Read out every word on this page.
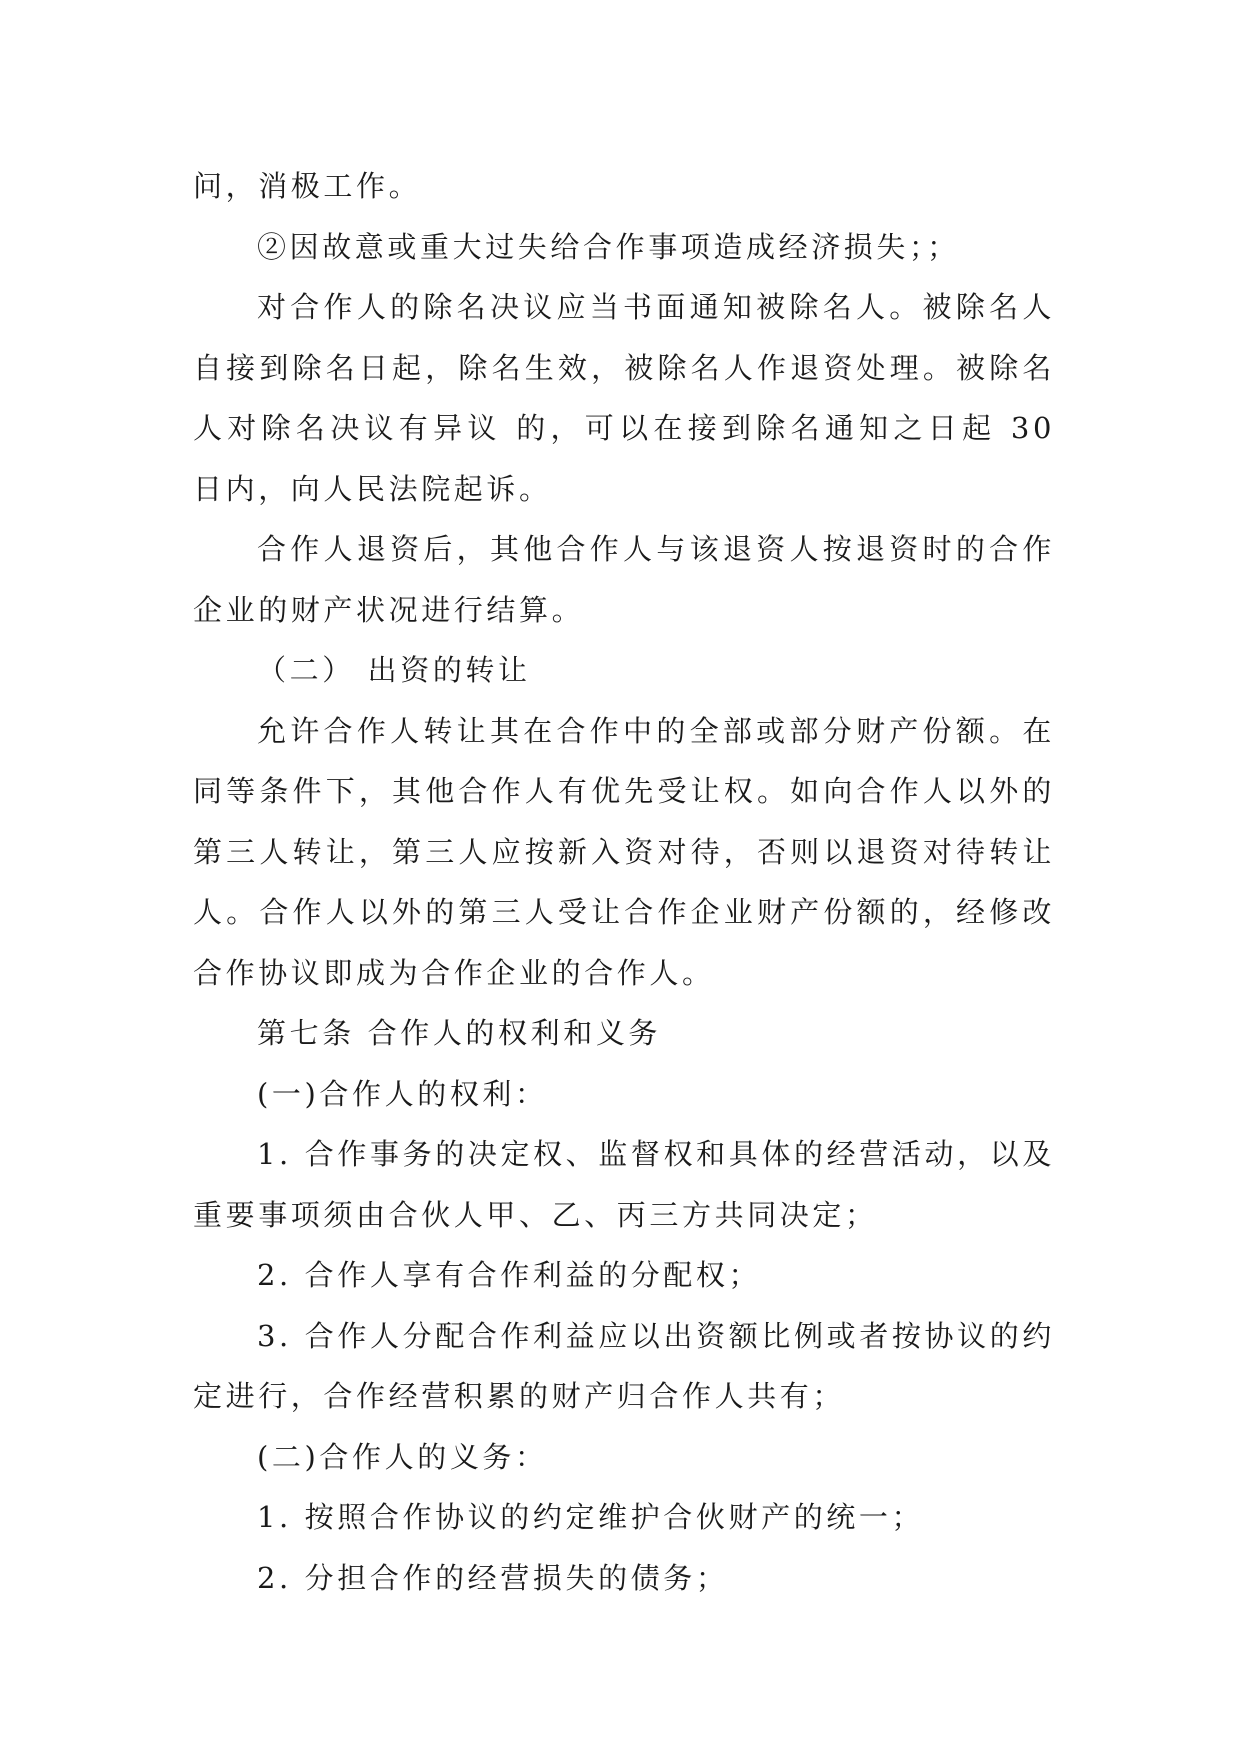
问，消极工作。

②因故意或重大过失给合作事项造成经济损失；；

对合作人的除名决议应当书面通知被除名人。被除名人自接到除名日起，除名生效，被除名人作退资处理。被除名人对除名决议有异议 的，可以在接到除名通知之日起 30 日内，向人民法院起诉。

合作人退资后，其他合作人与该退资人按退资时的合作企业的财产状况进行结算。

（二） 出资的转让

允许合作人转让其在合作中的全部或部分财产份额。在同等条件下，其他合作人有优先受让权。如向合作人以外的第三人转让，第三人应按新入资对待，否则以退资对待转让人。合作人以外的第三人受让合作企业财产份额的，经修改合作协议即成为合作企业的合作人。

第七条 合作人的权利和义务

(一)合作人的权利：

1. 合作事务的决定权、监督权和具体的经营活动，以及重要事项须由合伙人甲、乙、丙三方共同决定；

2. 合作人享有合作利益的分配权；

3. 合作人分配合作利益应以出资额比例或者按协议的约定进行，合作经营积累的财产归合作人共有；

(二)合作人的义务：

1. 按照合作协议的约定维护合伙财产的统一；

2. 分担合作的经营损失的债务；
